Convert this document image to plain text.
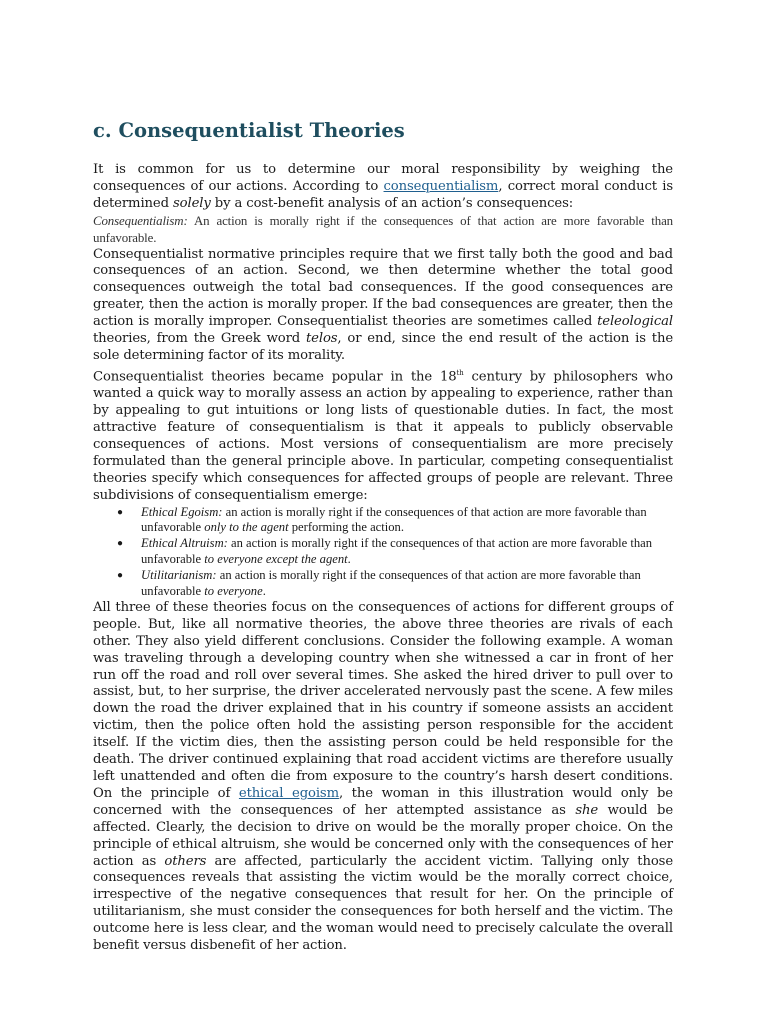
c. Consequentialist Theories

It is common for us to determine our moral responsibility by weighing the consequences of our actions. According to consequentialism, correct moral conduct is determined solely by a cost-benefit analysis of an action’s consequences:

Consequentialism: An action is morally right if the consequences of that action are more favorable than unfavorable.

Consequentialist normative principles require that we first tally both the good and bad consequences of an action. Second, we then determine whether the total good consequences outweigh the total bad consequences. If the good consequences are greater, then the action is morally proper. If the bad consequences are greater, then the action is morally improper. Consequentialist theories are sometimes called teleological theories, from the Greek word telos, or end, since the end result of the action is the sole determining factor of its morality.

Consequentialist theories became popular in the 18th century by philosophers who wanted a quick way to morally assess an action by appealing to experience, rather than by appealing to gut intuitions or long lists of questionable duties. In fact, the most attractive feature of consequentialism is that it appeals to publicly observable consequences of actions. Most versions of consequentialism are more precisely formulated than the general principle above. In particular, competing consequentialist theories specify which consequences for affected groups of people are relevant. Three subdivisions of consequentialism emerge:

● Ethical Egoism: an action is morally right if the consequences of that action are more favorable than unfavorable only to the agent performing the action.
● Ethical Altruism: an action is morally right if the consequences of that action are more favorable than unfavorable to everyone except the agent.
● Utilitarianism: an action is morally right if the consequences of that action are more favorable than unfavorable to everyone.

All three of these theories focus on the consequences of actions for different groups of people. But, like all normative theories, the above three theories are rivals of each other. They also yield different conclusions. Consider the following example. A woman was traveling through a developing country when she witnessed a car in front of her run off the road and roll over several times. She asked the hired driver to pull over to assist, but, to her surprise, the driver accelerated nervously past the scene. A few miles down the road the driver explained that in his country if someone assists an accident victim, then the police often hold the assisting person responsible for the accident itself. If the victim dies, then the assisting person could be held responsible for the death. The driver continued explaining that road accident victims are therefore usually left unattended and often die from exposure to the country’s harsh desert conditions. On the principle of ethical egoism, the woman in this illustration would only be concerned with the consequences of her attempted assistance as she would be affected. Clearly, the decision to drive on would be the morally proper choice. On the principle of ethical altruism, she would be concerned only with the consequences of her action as others are affected, particularly the accident victim. Tallying only those consequences reveals that assisting the victim would be the morally correct choice, irrespective of the negative consequences that result for her. On the principle of utilitarianism, she must consider the consequences for both herself and the victim. The outcome here is less clear, and the woman would need to precisely calculate the overall benefit versus disbenefit of her action.
